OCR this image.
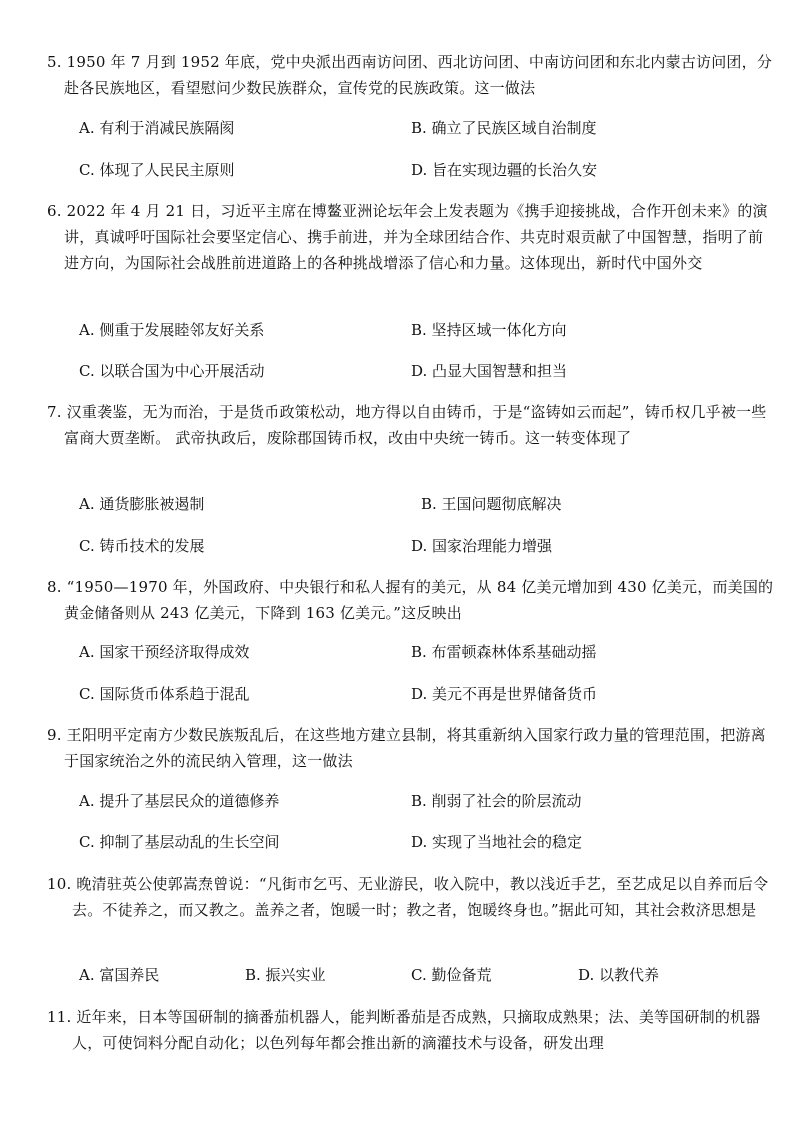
5. 1950 年 7 月到 1952 年底，党中央派出西南访问团、西北访问团、中南访问团和东北内蒙古访问团，分赴各民族地区，看望慰问少数民族群众，宣传党的民族政策。这一做法
A. 有利于消减民族隔阂	B. 确立了民族区域自治制度
C. 体现了人民民主原则	D. 旨在实现边疆的长治久安
6. 2022 年 4 月 21 日，习近平主席在博鳌亚洲论坛年会上发表题为《携手迎接挑战，合作开创未来》的演讲，真诚呼吁国际社会要坚定信心、携手前进，并为全球团结合作、共克时艰贡献了中国智慧，指明了前进方向，为国际社会战胜前进道路上的各种挑战增添了信心和力量。这体现出，新时代中国外交
A. 侧重于发展睦邻友好关系	B. 坚持区域一体化方向
C. 以联合国为中心开展活动	D. 凸显大国智慧和担当
7. 汉重袭鉴，无为而治，于是货币政策松动，地方得以自由铸币，于是“盗铸如云而起”，铸币权几乎被一些富商大贾垄断。 武帝执政后，废除郡国铸币权，改由中央统一铸币。这一转变体现了
A. 通货膨胀被遏制	B. 王国问题彻底解决
C. 铸币技术的发展	D. 国家治理能力增强
8. “1950—1970 年，外国政府、中央银行和私人握有的美元，从 84 亿美元增加到 430 亿美元，而美国的黄金储备则从 243 亿美元，下降到 163 亿美元。”这反映出
A. 国家干预经济取得成效	B. 布雷顿森林体系基础动摇
C. 国际货币体系趋于混乱	D. 美元不再是世界储备货币
9. 王阳明平定南方少数民族叛乱后，在这些地方建立县制，将其重新纳入国家行政力量的管理范围，把游离于国家统治之外的流民纳入管理，这一做法
A. 提升了基层民众的道德修养	B. 削弱了社会的阶层流动
C. 抑制了基层动乱的生长空间	D. 实现了当地社会的稳定
10. 晚清驻英公使郭嵩焘曾说：“凡街市乞丐、无业游民，收入院中，教以浅近手艺，至艺成足以自养而后令去。不徒养之，而又教之。盖养之者，饱暖一时；教之者，饱暖终身也。”据此可知，其社会救济思想是
A. 富国养民	B. 振兴实业	C. 勤俭备荒	D. 以教代养
11. 近年来，日本等国研制的摘番茄机器人，能判断番茄是否成熟，只摘取成熟果；法、美等国研制的机器人，可使饲料分配自动化；以色列每年都会推出新的滴灌技术与设备，研发出理
